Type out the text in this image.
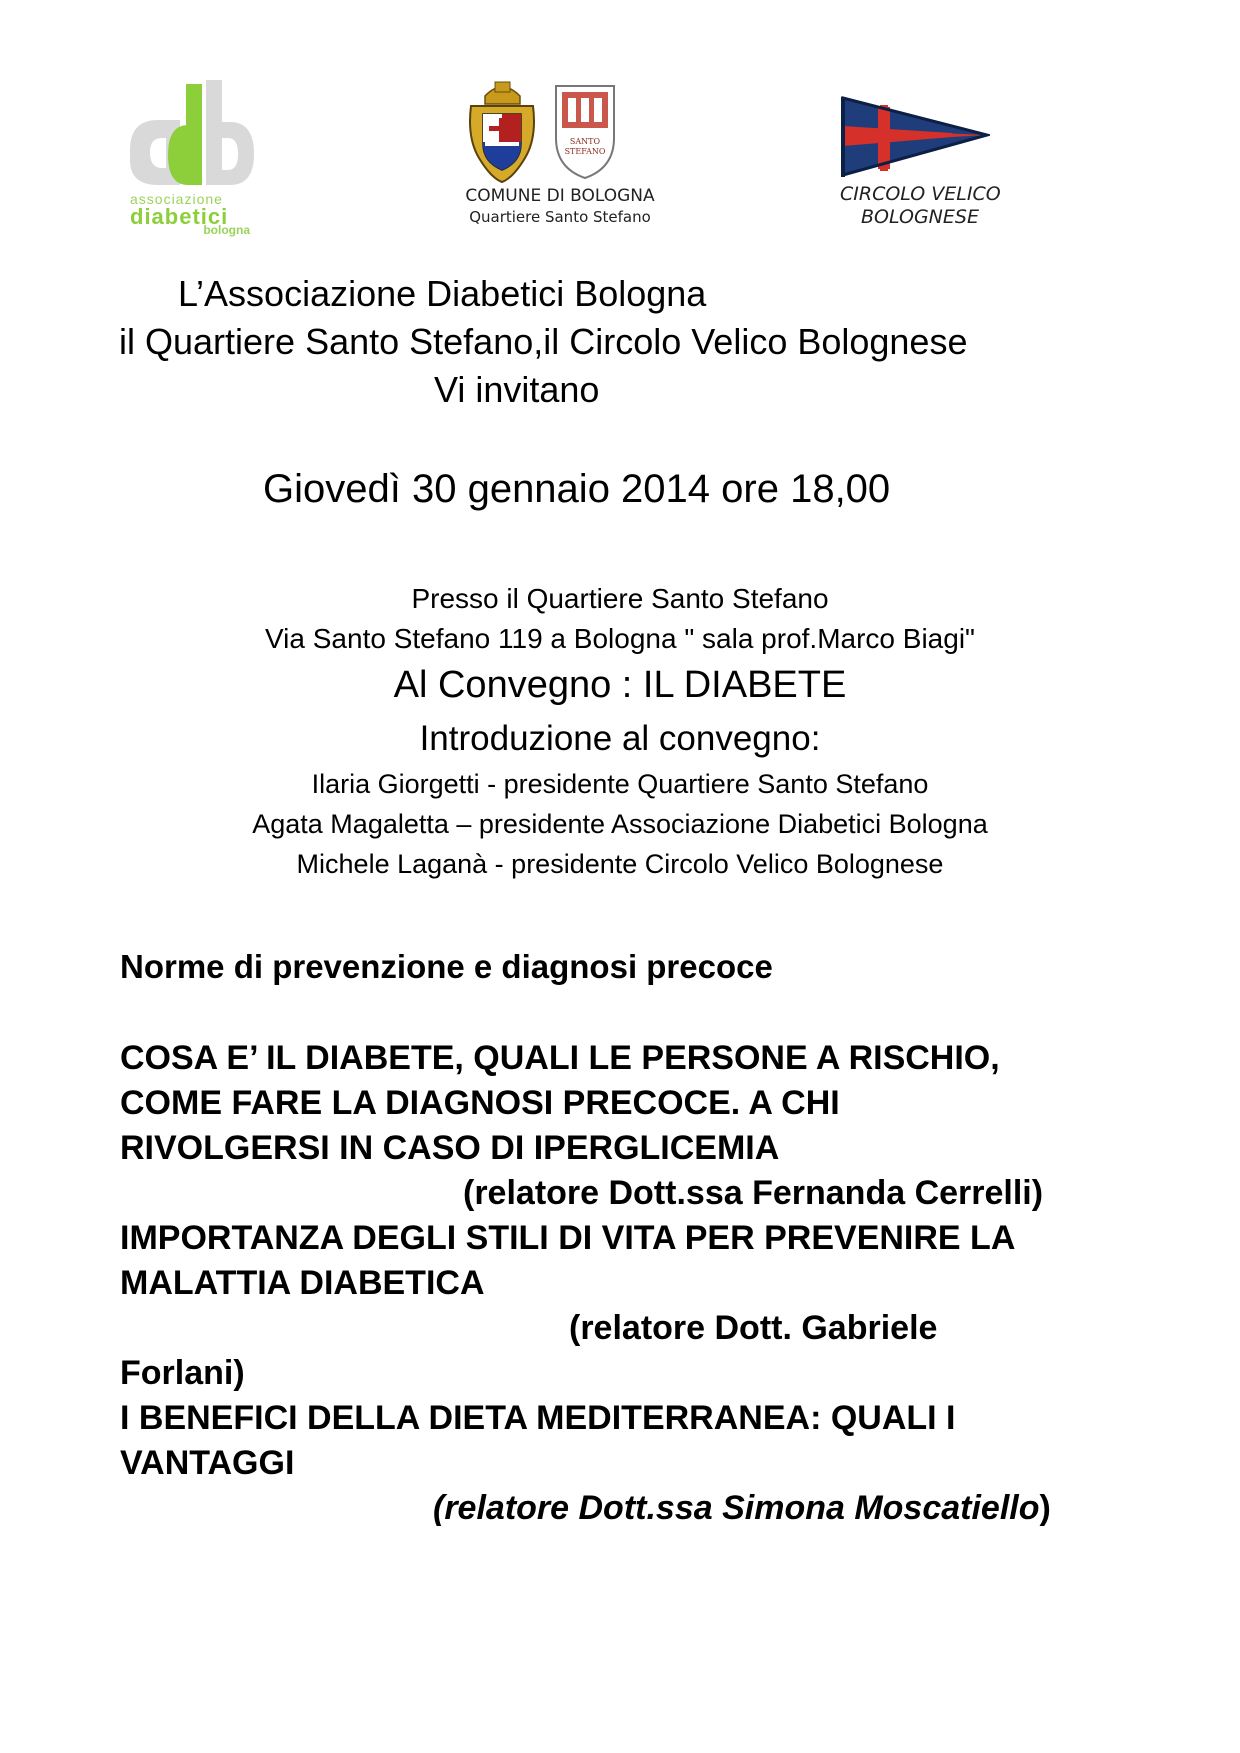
associazione
diabetici
bologna
SANTO
STEFANO
COMUNE DI BOLOGNA
Quartiere Santo Stefano
CIRCOLO VELICO
BOLOGNESE
L’Associazione Diabetici Bologna
il Quartiere Santo Stefano,il Circolo Velico Bolognese
Vi invitano
Giovedì 30 gennaio 2014 ore 18,00
Presso il Quartiere Santo Stefano
Via Santo Stefano 119 a Bologna " sala prof.Marco Biagi"
Al Convegno : IL DIABETE
Introduzione al convegno:
Ilaria Giorgetti - presidente Quartiere Santo Stefano
Agata Magaletta – presidente Associazione Diabetici Bologna
Michele Laganà - presidente Circolo Velico Bolognese
Norme di prevenzione e diagnosi precoce
COSA E’ IL DIABETE, QUALI LE PERSONE A RISCHIO,
COME FARE LA DIAGNOSI PRECOCE. A CHI
RIVOLGERSI IN CASO DI IPERGLICEMIA
(relatore Dott.ssa Fernanda Cerrelli)
IMPORTANZA DEGLI STILI DI VITA PER PREVENIRE LA
MALATTIA DIABETICA
(relatore Dott. Gabriele
Forlani)
I BENEFICI DELLA DIETA MEDITERRANEA: QUALI I
VANTAGGI
(relatore Dott.ssa Simona Moscatiello)
